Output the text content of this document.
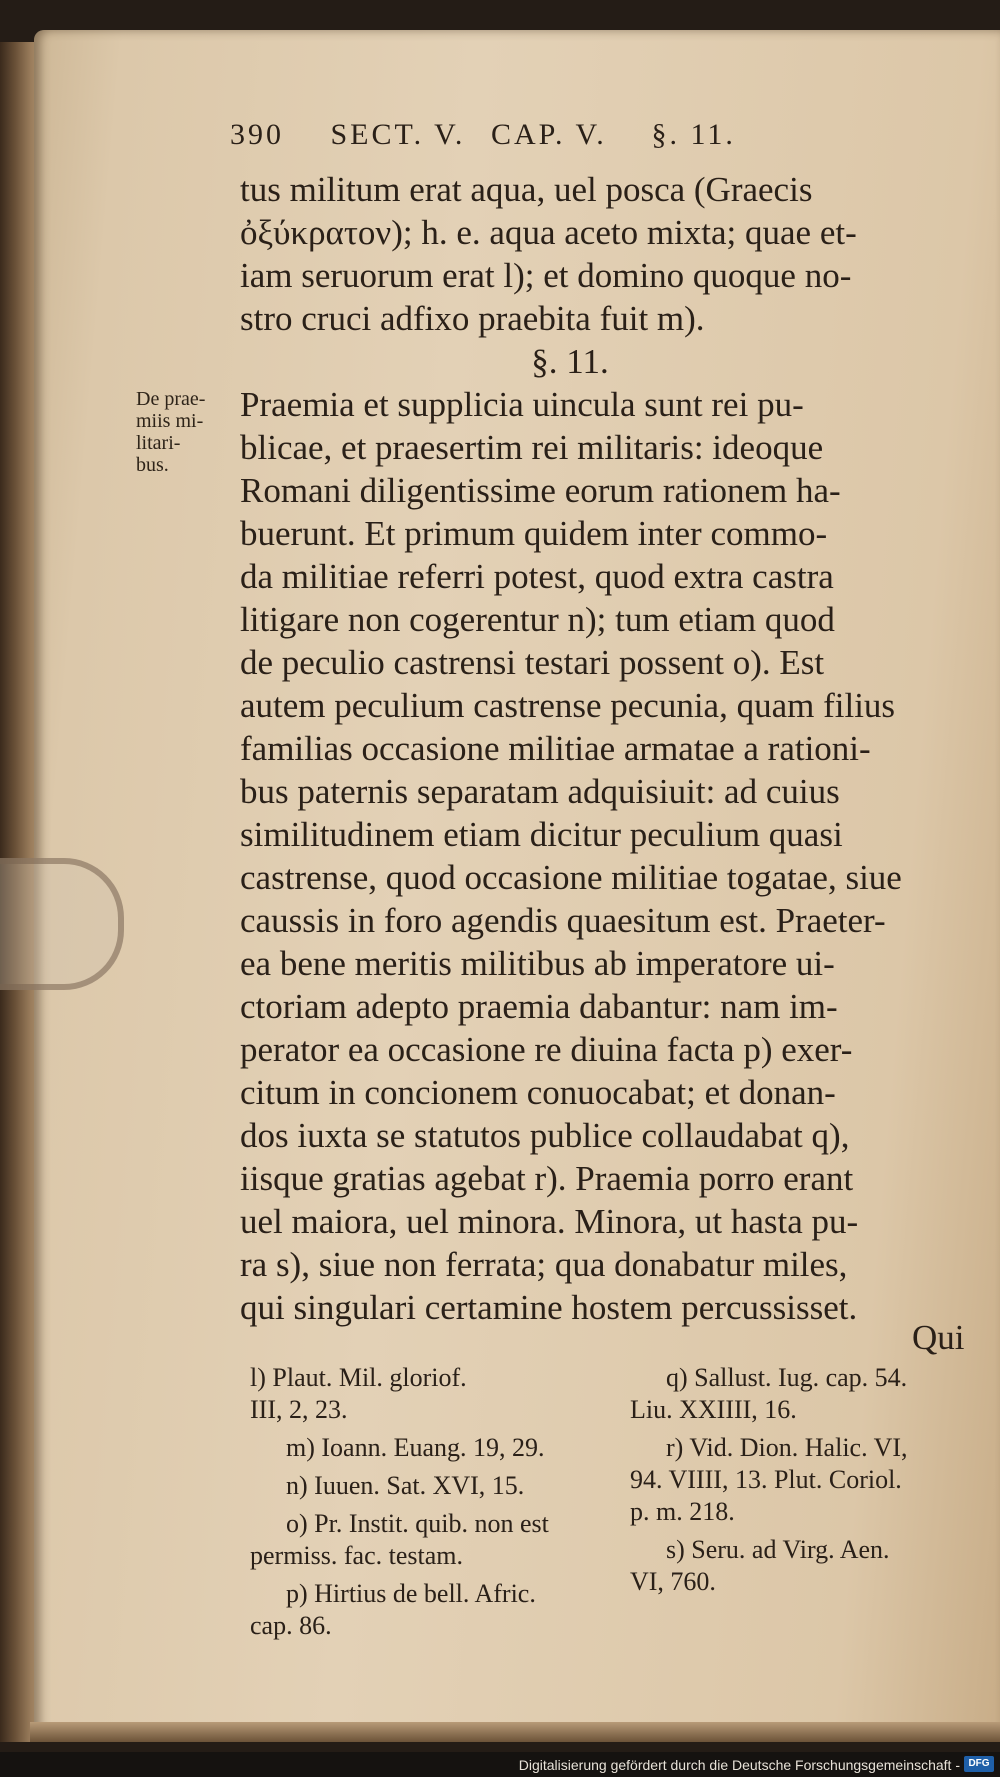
390 SECT. V. CAP. V. §. 11.
De prae-
miis mi-
litari-
bus.
tus militum erat aqua, uel posca (Graecis
ὀξύκρατον); h. e. aqua aceto mixta; quae et-
iam seruorum erat l); et domino quoque no-
stro cruci adfixo praebita fuit m).
§. 11.
Praemia et supplicia uincula sunt rei pu-
blicae, et praesertim rei militaris: ideoque
Romani diligentissime eorum rationem ha-
buerunt. Et primum quidem inter commo-
da militiae referri potest, quod extra castra
litigare non cogerentur n); tum etiam quod
de peculio castrensi testari possent o). Est
autem peculium castrense pecunia, quam filius
familias occasione militiae armatae a rationi-
bus paternis separatam adquisiuit: ad cuius
similitudinem etiam dicitur peculium quasi
castrense, quod occasione militiae togatae, siue
caussis in foro agendis quaesitum est. Praeter-
ea bene meritis militibus ab imperatore ui-
ctoriam adepto praemia dabantur: nam im-
perator ea occasione re diuina facta p) exer-
citum in concionem conuocabat; et donan-
dos iuxta se statutos publice collaudabat q),
iisque gratias agebat r). Praemia porro erant
uel maiora, uel minora. Minora, ut hasta pu-
ra s), siue non ferrata; qua donabatur miles,
qui singulari certamine hostem percussisset.
Qui
l) Plaut. Mil. gloriof.
III, 2, 23.
m) Ioann. Euang. 19, 29.
n) Iuuen. Sat. XVI, 15.
o) Pr. Instit. quib. non est
permiss. fac. testam.
p) Hirtius de bell. Afric.
cap. 86.
q) Sallust. Iug. cap. 54.
Liu. XXIIII, 16.
r) Vid. Dion. Halic. VI,
94. VIIII, 13. Plut. Coriol.
p. m. 218.
s) Seru. ad Virg. Aen.
VI, 760.
Digitalisierung gefördert durch die Deutsche Forschungsgemeinschaft - DFG
